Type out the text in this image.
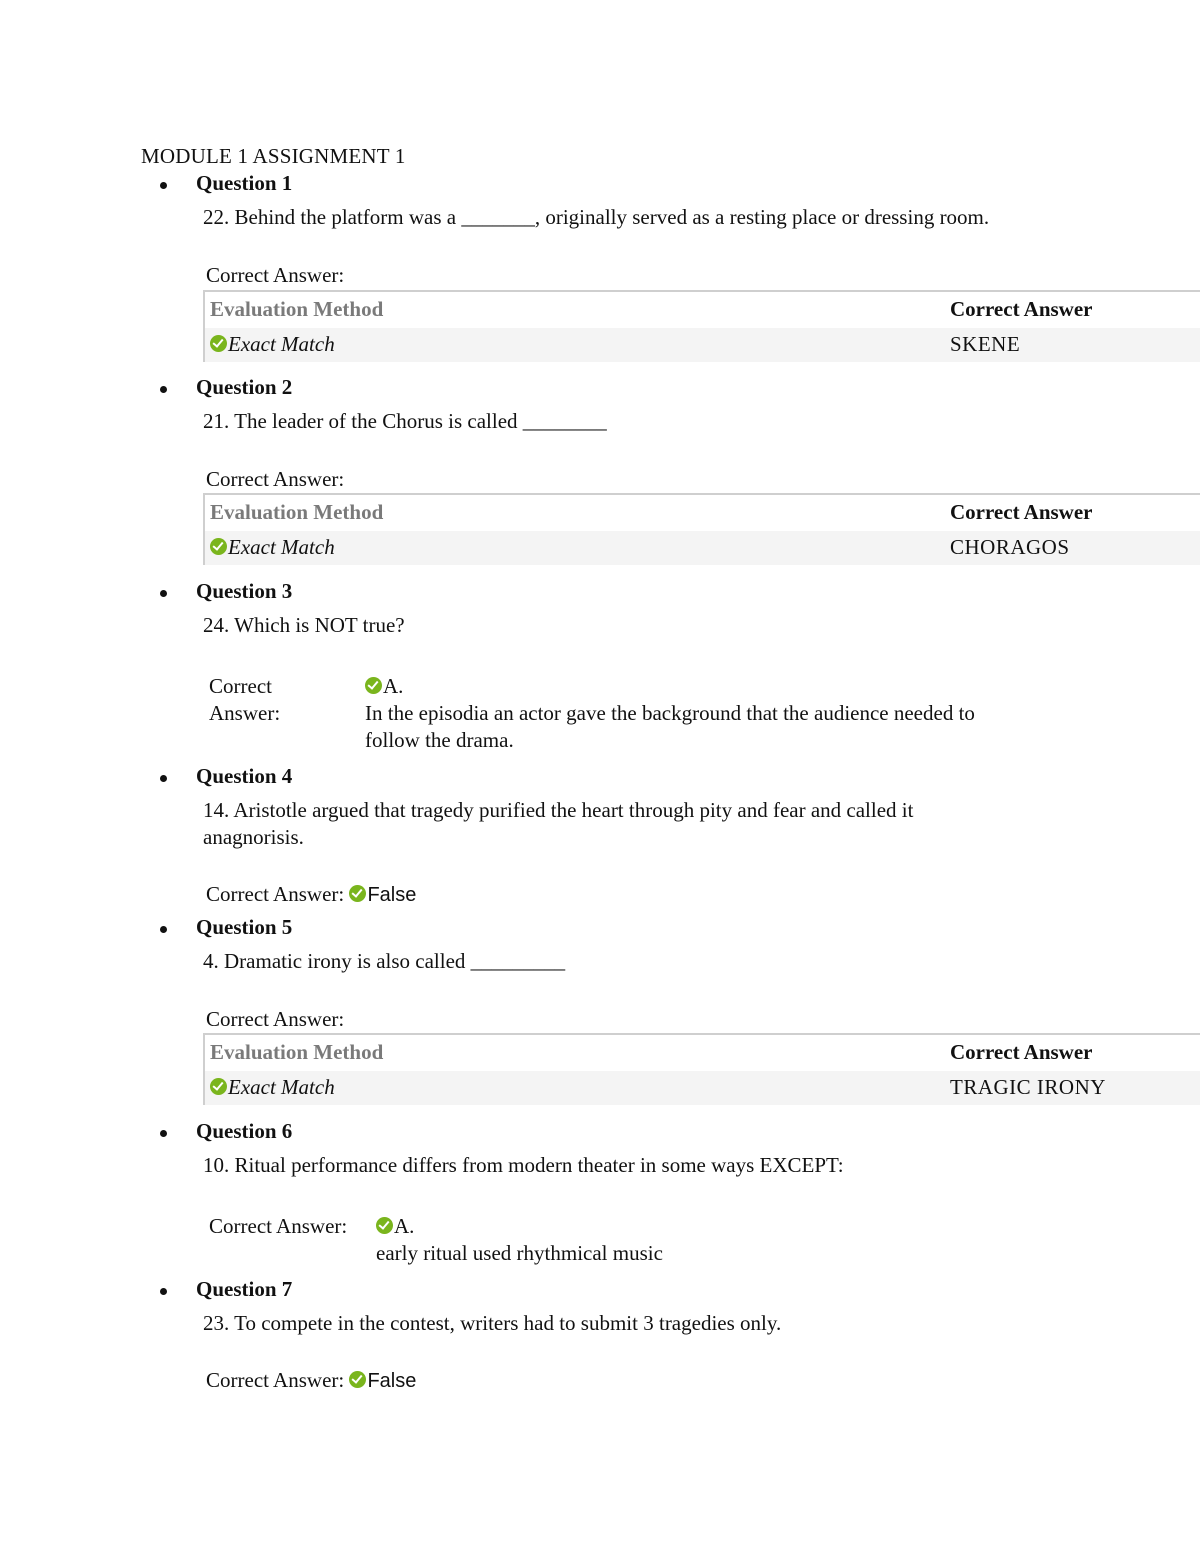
MODULE 1 ASSIGNMENT 1
Question 1
22. Behind the platform was a _______, originally served as a resting place or dressing room.
Correct Answer:
Evaluation Method	Correct Answer
Exact Match	SKENE
Question 2
21. The leader of the Chorus is called ________
Correct Answer:
Evaluation Method	Correct Answer
Exact Match	CHORAGOS
Question 3
24. Which is NOT true?
Correct
Answer:
A.
In the episodia an actor gave the background that the audience needed to
follow the drama.
Question 4
14. Aristotle argued that tragedy purified the heart through pity and fear and called it
anagnorisis.
Correct Answer: False
Question 5
4. Dramatic irony is also called _________
Correct Answer:
Evaluation Method	Correct Answer
Exact Match	TRAGIC IRONY
Question 6
10. Ritual performance differs from modern theater in some ways EXCEPT:
Correct Answer:	A.
early ritual used rhythmical music
Question 7
23. To compete in the contest, writers had to submit 3 tragedies only.
Correct Answer: False
